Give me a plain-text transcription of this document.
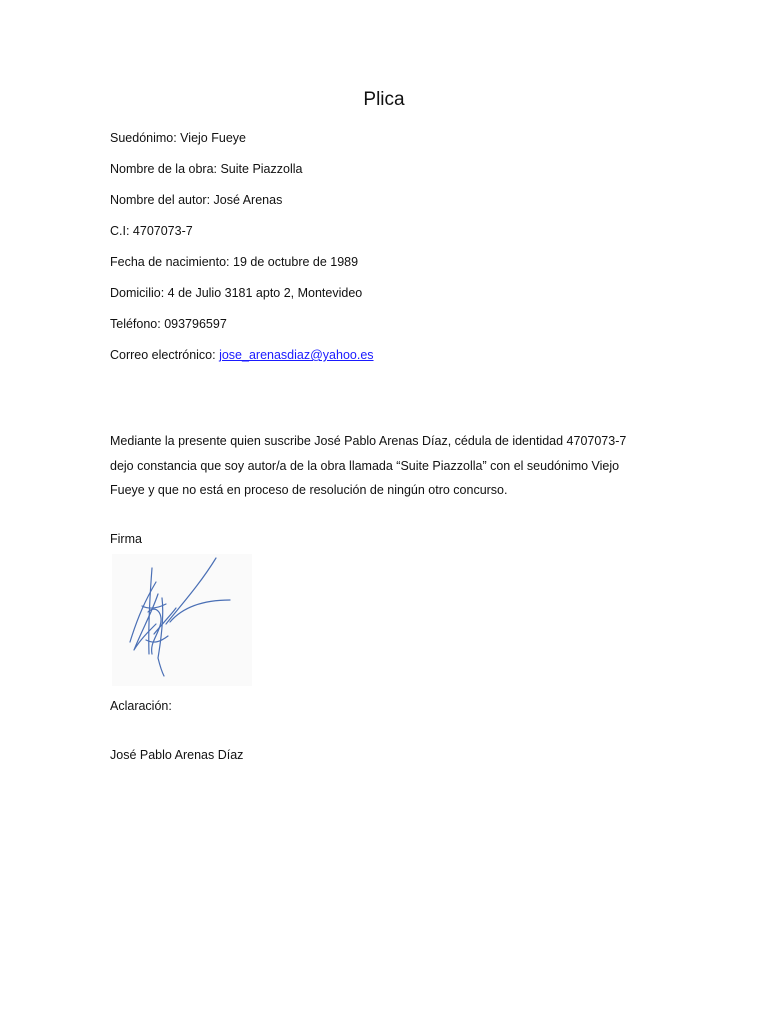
Plica
Suedónimo: Viejo Fueye
Nombre de la obra: Suite Piazzolla
Nombre del autor: José Arenas
C.I: 4707073-7
Fecha de nacimiento: 19 de octubre de 1989
Domicilio: 4 de Julio 3181 apto 2, Montevideo
Teléfono: 093796597
Correo electrónico: jose_arenasdiaz@yahoo.es
Mediante la presente quien suscribe José Pablo Arenas Díaz, cédula de identidad 4707073-7
dejo constancia que soy autor/a de la obra llamada “Suite Piazzolla” con el seudónimo Viejo
Fueye y que no está en proceso de resolución de ningún otro concurso.
Firma
Aclaración:
José Pablo Arenas Díaz
